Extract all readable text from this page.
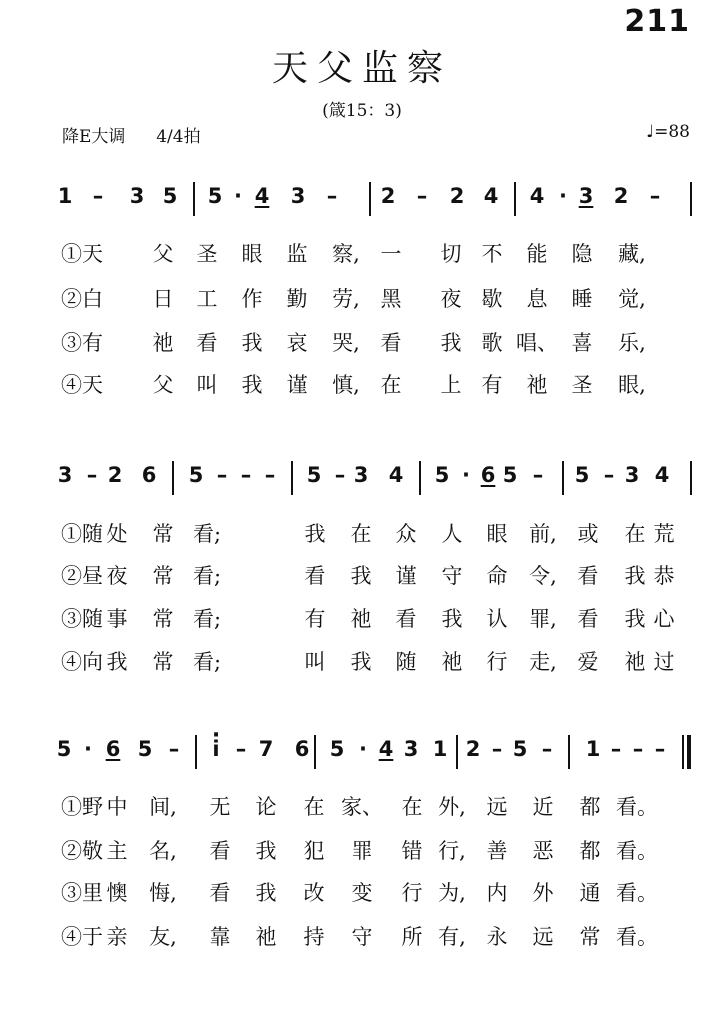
211
天父监察
(箴15：3)
降E大调 4/4拍	♩=88
1 – 3 5 5 · 4 3 – 2 – 2 4 4 · 3 2 –
①天 父 圣 眼 监 察, 一 切 不 能 隐 藏,
②白 日 工 作 勤 劳, 黑 夜 歇 息 睡 觉,
③有 祂 看 我 哀 哭, 看 我 歌 唱、 喜 乐,
④天 父 叫 我 谨 慎, 在 上 有 祂 圣 眼,
3 – 2 6 5 – – – 5 – 3 4 5 · 6 5 – 5 – 3 4
①随 处 常 看;	我 在 众 人 眼 前, 或 在 荒
②昼 夜 常 看;	看 我 谨 守 命 令, 看 我 恭
③随 事 常 看;	有 祂 看 我 认 罪, 看 我 心
④向 我 常 看;	叫 我 随 祂 行 走, 爱 祂 过
5 · 6 5 –
· i – 7 6 5 · 4 3 1 2 – 5 – 1 – – –
①野 中 间, 无 论 在 家、 在 外, 远 近 都 看。
②敬 主 名, 看 我 犯 罪 错 行, 善 恶 都 看。
③里 懊 悔, 看 我 改 变 行 为, 内 外 通 看。
④于 亲 友, 靠 祂 持 守 所 有, 永 远 常 看。
